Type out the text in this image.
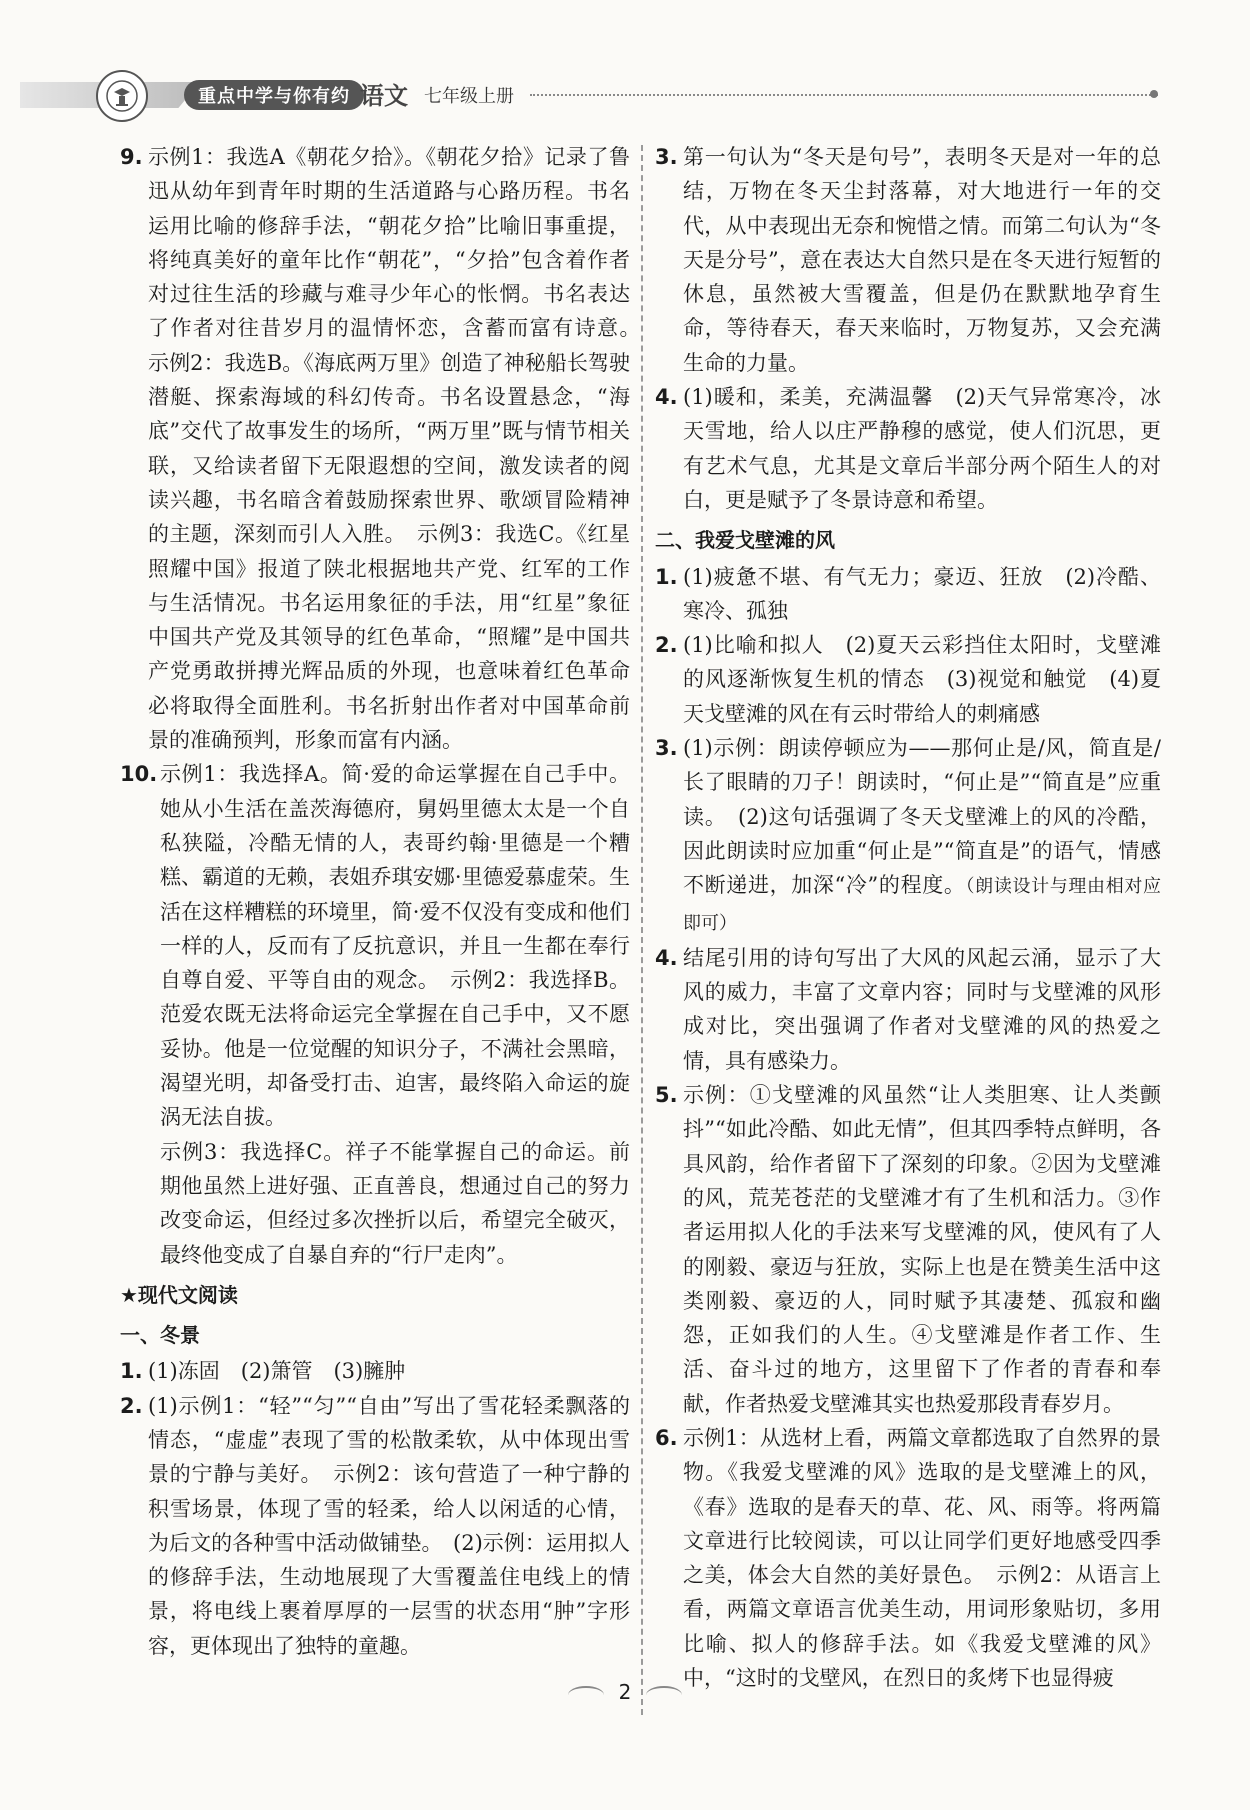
重点中学与你有约 语文 七年级上册

9. 示例1：我选A《朝花夕拾》。《朝花夕拾》记录了鲁迅从幼年到青年时期的生活道路与心路历程。书名运用比喻的修辞手法，“朝花夕拾”比喻旧事重提，将纯真美好的童年比作“朝花”，“夕拾”包含着作者对过往生活的珍藏与难寻少年心的怅惘。书名表达了作者对往昔岁月的温情怀恋，含蓄而富有诗意。　示例2：我选B。《海底两万里》创造了神秘船长驾驶潜艇、探索海域的科幻传奇。书名设置悬念，“海底”交代了故事发生的场所，“两万里”既与情节相关联，又给读者留下无限遐想的空间，激发读者的阅读兴趣，书名暗含着鼓励探索世界、歌颂冒险精神的主题，深刻而引人入胜。　示例3：我选C。《红星照耀中国》报道了陕北根据地共产党、红军的工作与生活情况。书名运用象征的手法，用“红星”象征中国共产党及其领导的红色革命，“照耀”是中国共产党勇敢拼搏光辉品质的外现，也意味着红色革命必将取得全面胜利。书名折射出作者对中国革命前景的准确预判，形象而富有内涵。

10. 示例1：我选择A。简·爱的命运掌握在自己手中。她从小生活在盖茨海德府，舅妈里德太太是一个自私狭隘，冷酷无情的人，表哥约翰·里德是一个糟糕、霸道的无赖，表姐乔琪安娜·里德爱慕虚荣。生活在这样糟糕的环境里，简·爱不仅没有变成和他们一样的人，反而有了反抗意识，并且一生都在奉行自尊自爱、平等自由的观念。　示例2：我选择B。范爱农既无法将命运完全掌握在自己手中，又不愿妥协。他是一位觉醒的知识分子，不满社会黑暗，渴望光明，却备受打击、迫害，最终陷入命运的旋涡无法自拔。

示例3：我选择C。祥子不能掌握自己的命运。前期他虽然上进好强、正直善良，想通过自己的努力改变命运，但经过多次挫折以后，希望完全破灭，最终他变成了自暴自弃的“行尸走肉”。

★现代文阅读
一、冬景

1. (1)冻固　(2)箫管　(3)臃肿

2. (1)示例1：“轻”“匀”“自由”写出了雪花轻柔飘落的情态，“虚虚”表现了雪的松散柔软，从中体现出雪景的宁静与美好。　示例2：该句营造了一种宁静的积雪场景，体现了雪的轻柔，给人以闲适的心情，为后文的各种雪中活动做铺垫。　(2)示例：运用拟人的修辞手法，生动地展现了大雪覆盖住电线上的情景，将电线上裹着厚厚的一层雪的状态用“肿”字形容，更体现出了独特的童趣。

3. 第一句认为“冬天是句号”，表明冬天是对一年的总结，万物在冬天尘封落幕，对大地进行一年的交代，从中表现出无奈和惋惜之情。而第二句认为“冬天是分号”，意在表达大自然只是在冬天进行短暂的休息，虽然被大雪覆盖，但是仍在默默地孕育生命，等待春天，春天来临时，万物复苏，又会充满生命的力量。

4. (1)暖和，柔美，充满温馨　(2)天气异常寒冷，冰天雪地，给人以庄严静穆的感觉，使人们沉思，更有艺术气息，尤其是文章后半部分两个陌生人的对白，更是赋予了冬景诗意和希望。

二、我爱戈壁滩的风

1. (1)疲惫不堪、有气无力；豪迈、狂放　(2)冷酷、寒冷、孤独

2. (1)比喻和拟人　(2)夏天云彩挡住太阳时，戈壁滩的风逐渐恢复生机的情态　(3)视觉和触觉　(4)夏天戈壁滩的风在有云时带给人的刺痛感

3. (1)示例：朗读停顿应为——那何止是/风，简直是/长了眼睛的刀子！朗读时，“何止是”“简直是”应重读。　(2)这句话强调了冬天戈壁滩上的风的冷酷，因此朗读时应加重“何止是”“简直是”的语气，情感不断递进，加深“冷”的程度。（朗读设计与理由相对应即可）

4. 结尾引用的诗句写出了大风的风起云涌，显示了大风的威力，丰富了文章内容；同时与戈壁滩的风形成对比，突出强调了作者对戈壁滩的风的热爱之情，具有感染力。

5. 示例：①戈壁滩的风虽然“让人类胆寒、让人类颤抖”“如此冷酷、如此无情”，但其四季特点鲜明，各具风韵，给作者留下了深刻的印象。②因为戈壁滩的风，荒芜苍茫的戈壁滩才有了生机和活力。③作者运用拟人化的手法来写戈壁滩的风，使风有了人的刚毅、豪迈与狂放，实际上也是在赞美生活中这类刚毅、豪迈的人，同时赋予其凄楚、孤寂和幽怨，正如我们的人生。④戈壁滩是作者工作、生活、奋斗过的地方，这里留下了作者的青春和奉献，作者热爱戈壁滩其实也热爱那段青春岁月。

6. 示例1：从选材上看，两篇文章都选取了自然界的景物。《我爱戈壁滩的风》选取的是戈壁滩上的风，《春》选取的是春天的草、花、风、雨等。将两篇文章进行比较阅读，可以让同学们更好地感受四季之美，体会大自然的美好景色。　示例2：从语言上看，两篇文章语言优美生动，用词形象贴切，多用比喻、拟人的修辞手法。如《我爱戈壁滩的风》中，“这时的戈壁风，在烈日的炙烤下也显得疲

2
